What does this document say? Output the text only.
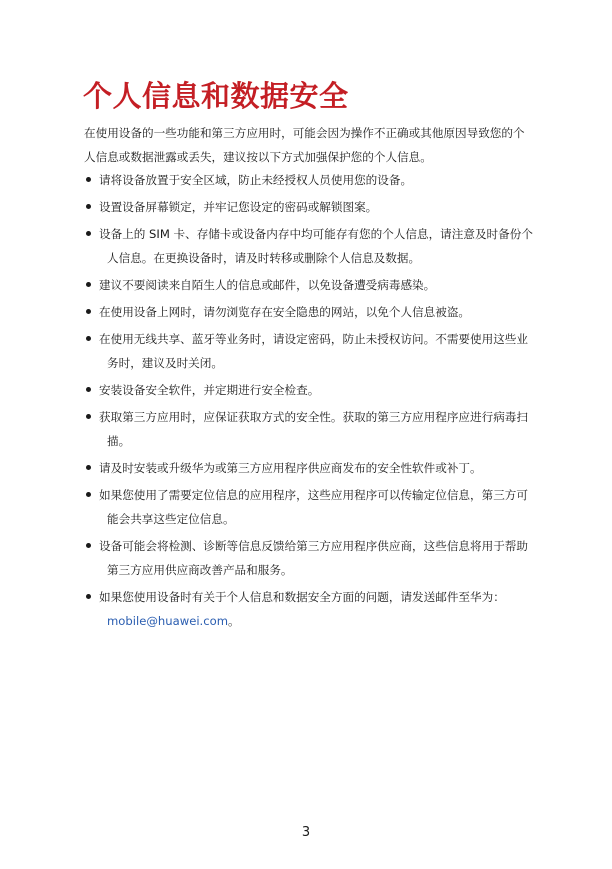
个人信息和数据安全

在使用设备的一些功能和第三方应用时，可能会因为操作不正确或其他原因导致您的个人信息或数据泄露或丢失，建议按以下方式加强保护您的个人信息。

请将设备放置于安全区域，防止未经授权人员使用您的设备。
设置设备屏幕锁定，并牢记您设定的密码或解锁图案。
设备上的 SIM 卡、存储卡或设备内存中均可能存有您的个人信息，请注意及时备份个人信息。在更换设备时，请及时转移或删除个人信息及数据。
建议不要阅读来自陌生人的信息或邮件，以免设备遭受病毒感染。
在使用设备上网时，请勿浏览存在安全隐患的网站，以免个人信息被盗。
在使用无线共享、蓝牙等业务时，请设定密码，防止未授权访问。不需要使用这些业务时，建议及时关闭。
安装设备安全软件，并定期进行安全检查。
获取第三方应用时，应保证获取方式的安全性。获取的第三方应用程序应进行病毒扫描。
请及时安装或升级华为或第三方应用程序供应商发布的安全性软件或补丁。
如果您使用了需要定位信息的应用程序，这些应用程序可以传输定位信息，第三方可能会共享这些定位信息。
设备可能会将检测、诊断等信息反馈给第三方应用程序供应商，这些信息将用于帮助第三方应用供应商改善产品和服务。
如果您使用设备时有关于个人信息和数据安全方面的问题，请发送邮件至华为：mobile@huawei.com。
3
